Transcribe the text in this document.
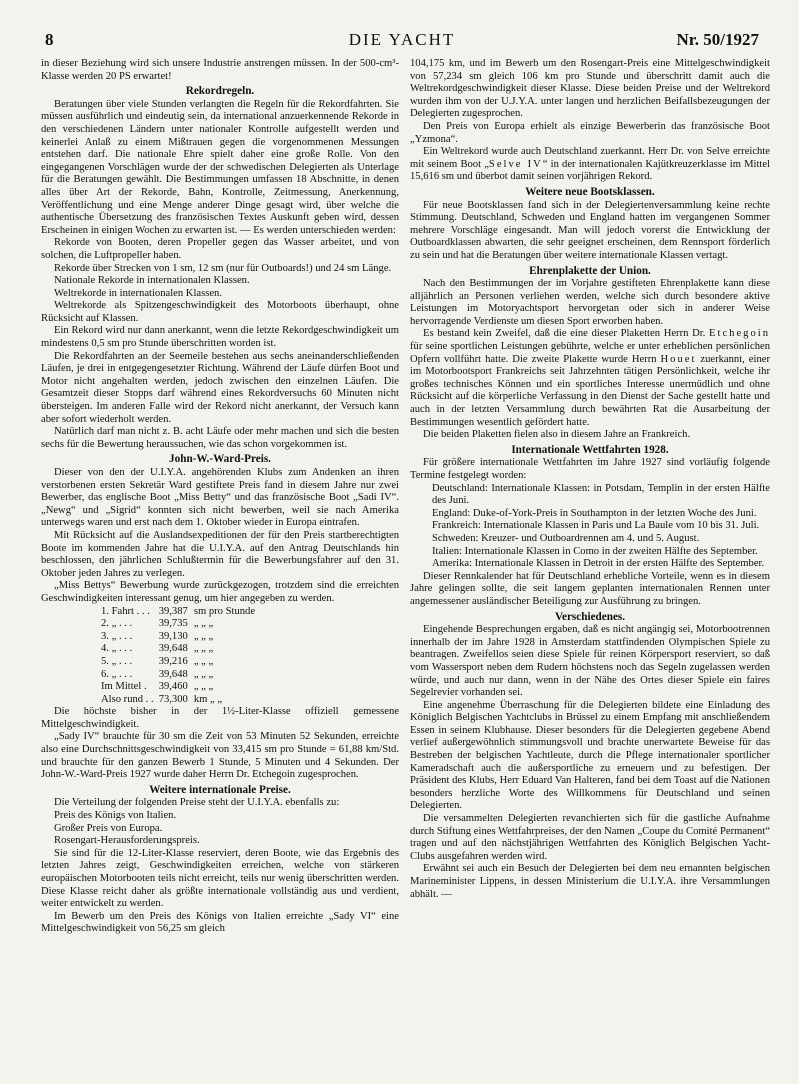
8	DIE YACHT	Nr. 50/1927

in dieser Beziehung wird sich unsere Industrie anstrengen müssen. In der 500-cm³-Klasse werden 20 PS erwartet!

Rekordregeln.

Beratungen über viele Stunden verlangten die Regeln für die Rekordfahrten. Sie müssen ausführlich und eindeutig sein, da international anzuerkennende Rekorde in den verschiedenen Ländern unter nationaler Kontrolle aufgestellt werden und keinerlei Anlaß zu einem Mißtrauen gegen die vorgenommenen Messungen entstehen darf. Die nationale Ehre spielt daher eine große Rolle. Von den eingegangenen Vorschlägen wurde der der schwedischen Delegierten als Unterlage für die Beratungen gewählt. Die Bestimmungen umfassen 18 Abschnitte, in denen alles über Art der Rekorde, Bahn, Kontrolle, Zeitmessung, Anerkennung, Veröffentlichung und eine Menge anderer Dinge gesagt wird, über welche die authentische Übersetzung des französischen Textes Auskunft geben wird, dessen Erscheinen in einigen Wochen zu erwarten ist. — Es werden unterschieden werden:

Rekorde von Booten, deren Propeller gegen das Wasser arbeitet, und von solchen, die Luftpropeller haben.

Rekorde über Strecken von 1 sm, 12 sm (nur für Outboards!) und 24 sm Länge.

Nationale Rekorde in internationalen Klassen.

Weltrekorde in internationalen Klassen.

Weltrekorde als Spitzengeschwindigkeit des Motorboots überhaupt, ohne Rücksicht auf Klassen.

Ein Rekord wird nur dann anerkannt, wenn die letzte Rekordgeschwindigkeit um mindestens 0,5 sm pro Stunde überschritten worden ist.

Die Rekordfahrten an der Seemeile bestehen aus sechs aneinanderschließenden Läufen, je drei in entgegengesetzter Richtung. Während der Läufe dürfen Boot und Motor nicht angehalten werden, jedoch zwischen den einzelnen Läufen. Die Gesamtzeit dieser Stopps darf während eines Rekordversuchs 60 Minuten nicht übersteigen. Im anderen Falle wird der Rekord nicht anerkannt, der Versuch kann aber sofort wiederholt werden.

Natürlich darf man nicht z. B. acht Läufe oder mehr machen und sich die besten sechs für die Bewertung heraussuchen, wie das schon vorgekommen ist.

John-W.-Ward-Preis.

Dieser von den der U.I.Y.A. angehörenden Klubs zum Andenken an ihren verstorbenen ersten Sekretär Ward gestiftete Preis fand in diesem Jahre nur zwei Bewerber, das englische Boot „Miss Betty“ und das französische Boot „Sadi IV“. „Newg“ und „Sigrid“ konnten sich nicht bewerben, weil sie nach Amerika unterwegs waren und erst nach dem 1. Oktober wieder in Europa eintrafen.

Mit Rücksicht auf die Auslandsexpeditionen der für den Preis startberechtigten Boote im kommenden Jahre hat die U.I.Y.A. auf den Antrag Deutschlands hin beschlossen, den jährlichen Schlußtermin für die Bewerbungsfahrer auf den 31. Oktober jeden Jahres zu verlegen.

„Miss Bettys“ Bewerbung wurde zurückgezogen, trotzdem sind die erreichten Geschwindigkeiten interessant genug, um hier angegeben zu werden.

1. Fahrt . . .	39,387	sm pro Stunde
2. „ . . .	39,735	„ „ „
3. „ . . .	39,130	„ „ „
4. „ . . .	39,648	„ „ „
5. „ . . .	39,216	„ „ „
6. „ . . .	39,648	„ „ „
Im Mittel .	39,460	„ „ „
Also rund . .	73,300	km „ „

Die höchste bisher in der 1½-Liter-Klasse offiziell gemessene Mittelgeschwindigkeit.

„Sady IV“ brauchte für 30 sm die Zeit von 53 Minuten 52 Sekunden, erreichte also eine Durchschnittsgeschwindigkeit von 33,415 sm pro Stunde = 61,88 km/Std. und brauchte für den ganzen Bewerb 1 Stunde, 5 Minuten und 4 Sekunden. Der John-W.-Ward-Preis 1927 wurde daher Herrn Dr. Etchegoin zugesprochen.

Weitere internationale Preise.

Die Verteilung der folgenden Preise steht der U.I.Y.A. ebenfalls zu:

Preis des Königs von Italien.

Großer Preis von Europa.

Rosengart-Herausforderungspreis.

Sie sind für die 12-Liter-Klasse reserviert, deren Boote, wie das Ergebnis des letzten Jahres zeigt, Geschwindigkeiten erreichen, welche von stärkeren europäischen Motorbooten teils nicht erreicht, teils nur wenig überschritten werden. Diese Klasse reicht daher als größte internationale vollständig aus und verdient, weiter entwickelt zu werden.

Im Bewerb um den Preis des Königs von Italien erreichte „Sady VI“ eine Mittelgeschwindigkeit von 56,25 sm gleich

104,175 km, und im Bewerb um den Rosengart-Preis eine Mittelgeschwindigkeit von 57,234 sm gleich 106 km pro Stunde und überschritt damit auch die Weltrekordgeschwindigkeit dieser Klasse. Diese beiden Preise und der Weltrekord wurden ihm von der U.J.Y.A. unter langen und herzlichen Beifallsbezeugungen der Delegierten zugesprochen.

Den Preis von Europa erhielt als einzige Bewerberin das französische Boot „Yzmona“.

Ein Weltrekord wurde auch Deutschland zuerkannt. Herr Dr. von Selve erreichte mit seinem Boot „Selve IV“ in der internationalen Kajütkreuzerklasse im Mittel 15,616 sm und überbot damit seinen vorjährigen Rekord.

Weitere neue Bootsklassen.

Für neue Bootsklassen fand sich in der Delegiertenversammlung keine rechte Stimmung. Deutschland, Schweden und England hatten im vergangenen Sommer mehrere Vorschläge eingesandt. Man will jedoch vorerst die Entwicklung der Outboardklassen abwarten, die sehr geeignet erscheinen, dem Rennsport förderlich zu sein und hat die Beratungen über weitere internationale Klassen vertagt.

Ehrenplakette der Union.

Nach den Bestimmungen der im Vorjahre gestifteten Ehrenplakette kann diese alljährlich an Personen verliehen werden, welche sich durch besondere aktive Leistungen im Motoryachtsport hervorgetan oder sich in anderer Weise hervorragende Verdienste um diesen Sport erworben haben.

Es bestand kein Zweifel, daß die eine dieser Plaketten Herrn Dr. Etchegoin für seine sportlichen Leistungen gebührte, welche er unter erheblichen persönlichen Opfern vollführt hatte. Die zweite Plakette wurde Herrn Houet zuerkannt, einer im Motorbootsport Frankreichs seit Jahrzehnten tätigen Persönlichkeit, welche ihr großes technisches Können und ein sportliches Interesse unermüdlich und ohne Rücksicht auf die körperliche Verfassung in den Dienst der Sache gestellt hatte und auch in der letzten Versammlung durch bewährten Rat die Ausarbeitung der Bestimmungen wesentlich gefördert hatte.

Die beiden Plaketten fielen also in diesem Jahre an Frankreich.

Internationale Wettfahrten 1928.

Für größere internationale Wettfahrten im Jahre 1927 sind vorläufig folgende Termine festgelegt worden:

Deutschland: Internationale Klassen: in Potsdam, Templin in der ersten Hälfte des Juni.

England: Duke-of-York-Preis in Southampton in der letzten Woche des Juni.

Frankreich: Internationale Klassen in Paris und La Baule vom 10 bis 31. Juli.

Schweden: Kreuzer- und Outboardrennen am 4. und 5. August.

Italien: Internationale Klassen in Como in der zweiten Hälfte des September.

Amerika: Internationale Klassen in Detroit in der ersten Hälfte des September.

Dieser Rennkalender hat für Deutschland erhebliche Vorteile, wenn es in diesem Jahre gelingen sollte, die seit langem geplanten internationalen Rennen unter angemessener ausländischer Beteiligung zur Ausführung zu bringen.

Verschiedenes.

Eingehende Besprechungen ergaben, daß es nicht angängig sei, Motorbootrennen innerhalb der im Jahre 1928 in Amsterdam stattfindenden Olympischen Spiele zu beantragen. Zweifellos seien diese Spiele für reinen Körpersport reserviert, so daß vom Wassersport neben dem Rudern höchstens noch das Segeln zugelassen werden würde, und auch nur dann, wenn in der Nähe des Ortes dieser Spiele ein faires Segelrevier vorhanden sei.

Eine angenehme Überraschung für die Delegierten bildete eine Einladung des Königlich Belgischen Yachtclubs in Brüssel zu einem Empfang mit anschließendem Essen in seinem Klubhause. Dieser besonders für die Delegierten gegebene Abend verlief außergewöhnlich stimmungsvoll und brachte unerwartete Beweise für das Bestreben der belgischen Yachtleute, durch die Pflege internationaler sportlicher Kameradschaft auch die außersportliche zu erneuern und zu befestigen. Der Präsident des Klubs, Herr Eduard Van Halteren, fand bei dem Toast auf die Nationen besonders herzliche Worte des Willkommens für Deutschland und seinen Delegierten.

Die versammelten Delegierten revanchierten sich für die gastliche Aufnahme durch Stiftung eines Wettfahrpreises, der den Namen „Coupe du Comité Permanent“ tragen und auf den nächstjährigen Wettfahrten des Königlich Belgischen Yacht-Clubs ausgefahren werden wird.

Erwähnt sei auch ein Besuch der Delegierten bei dem neu ernannten belgischen Marineminister Lippens, in dessen Ministerium die U.I.Y.A. ihre Versammlungen abhält. —
